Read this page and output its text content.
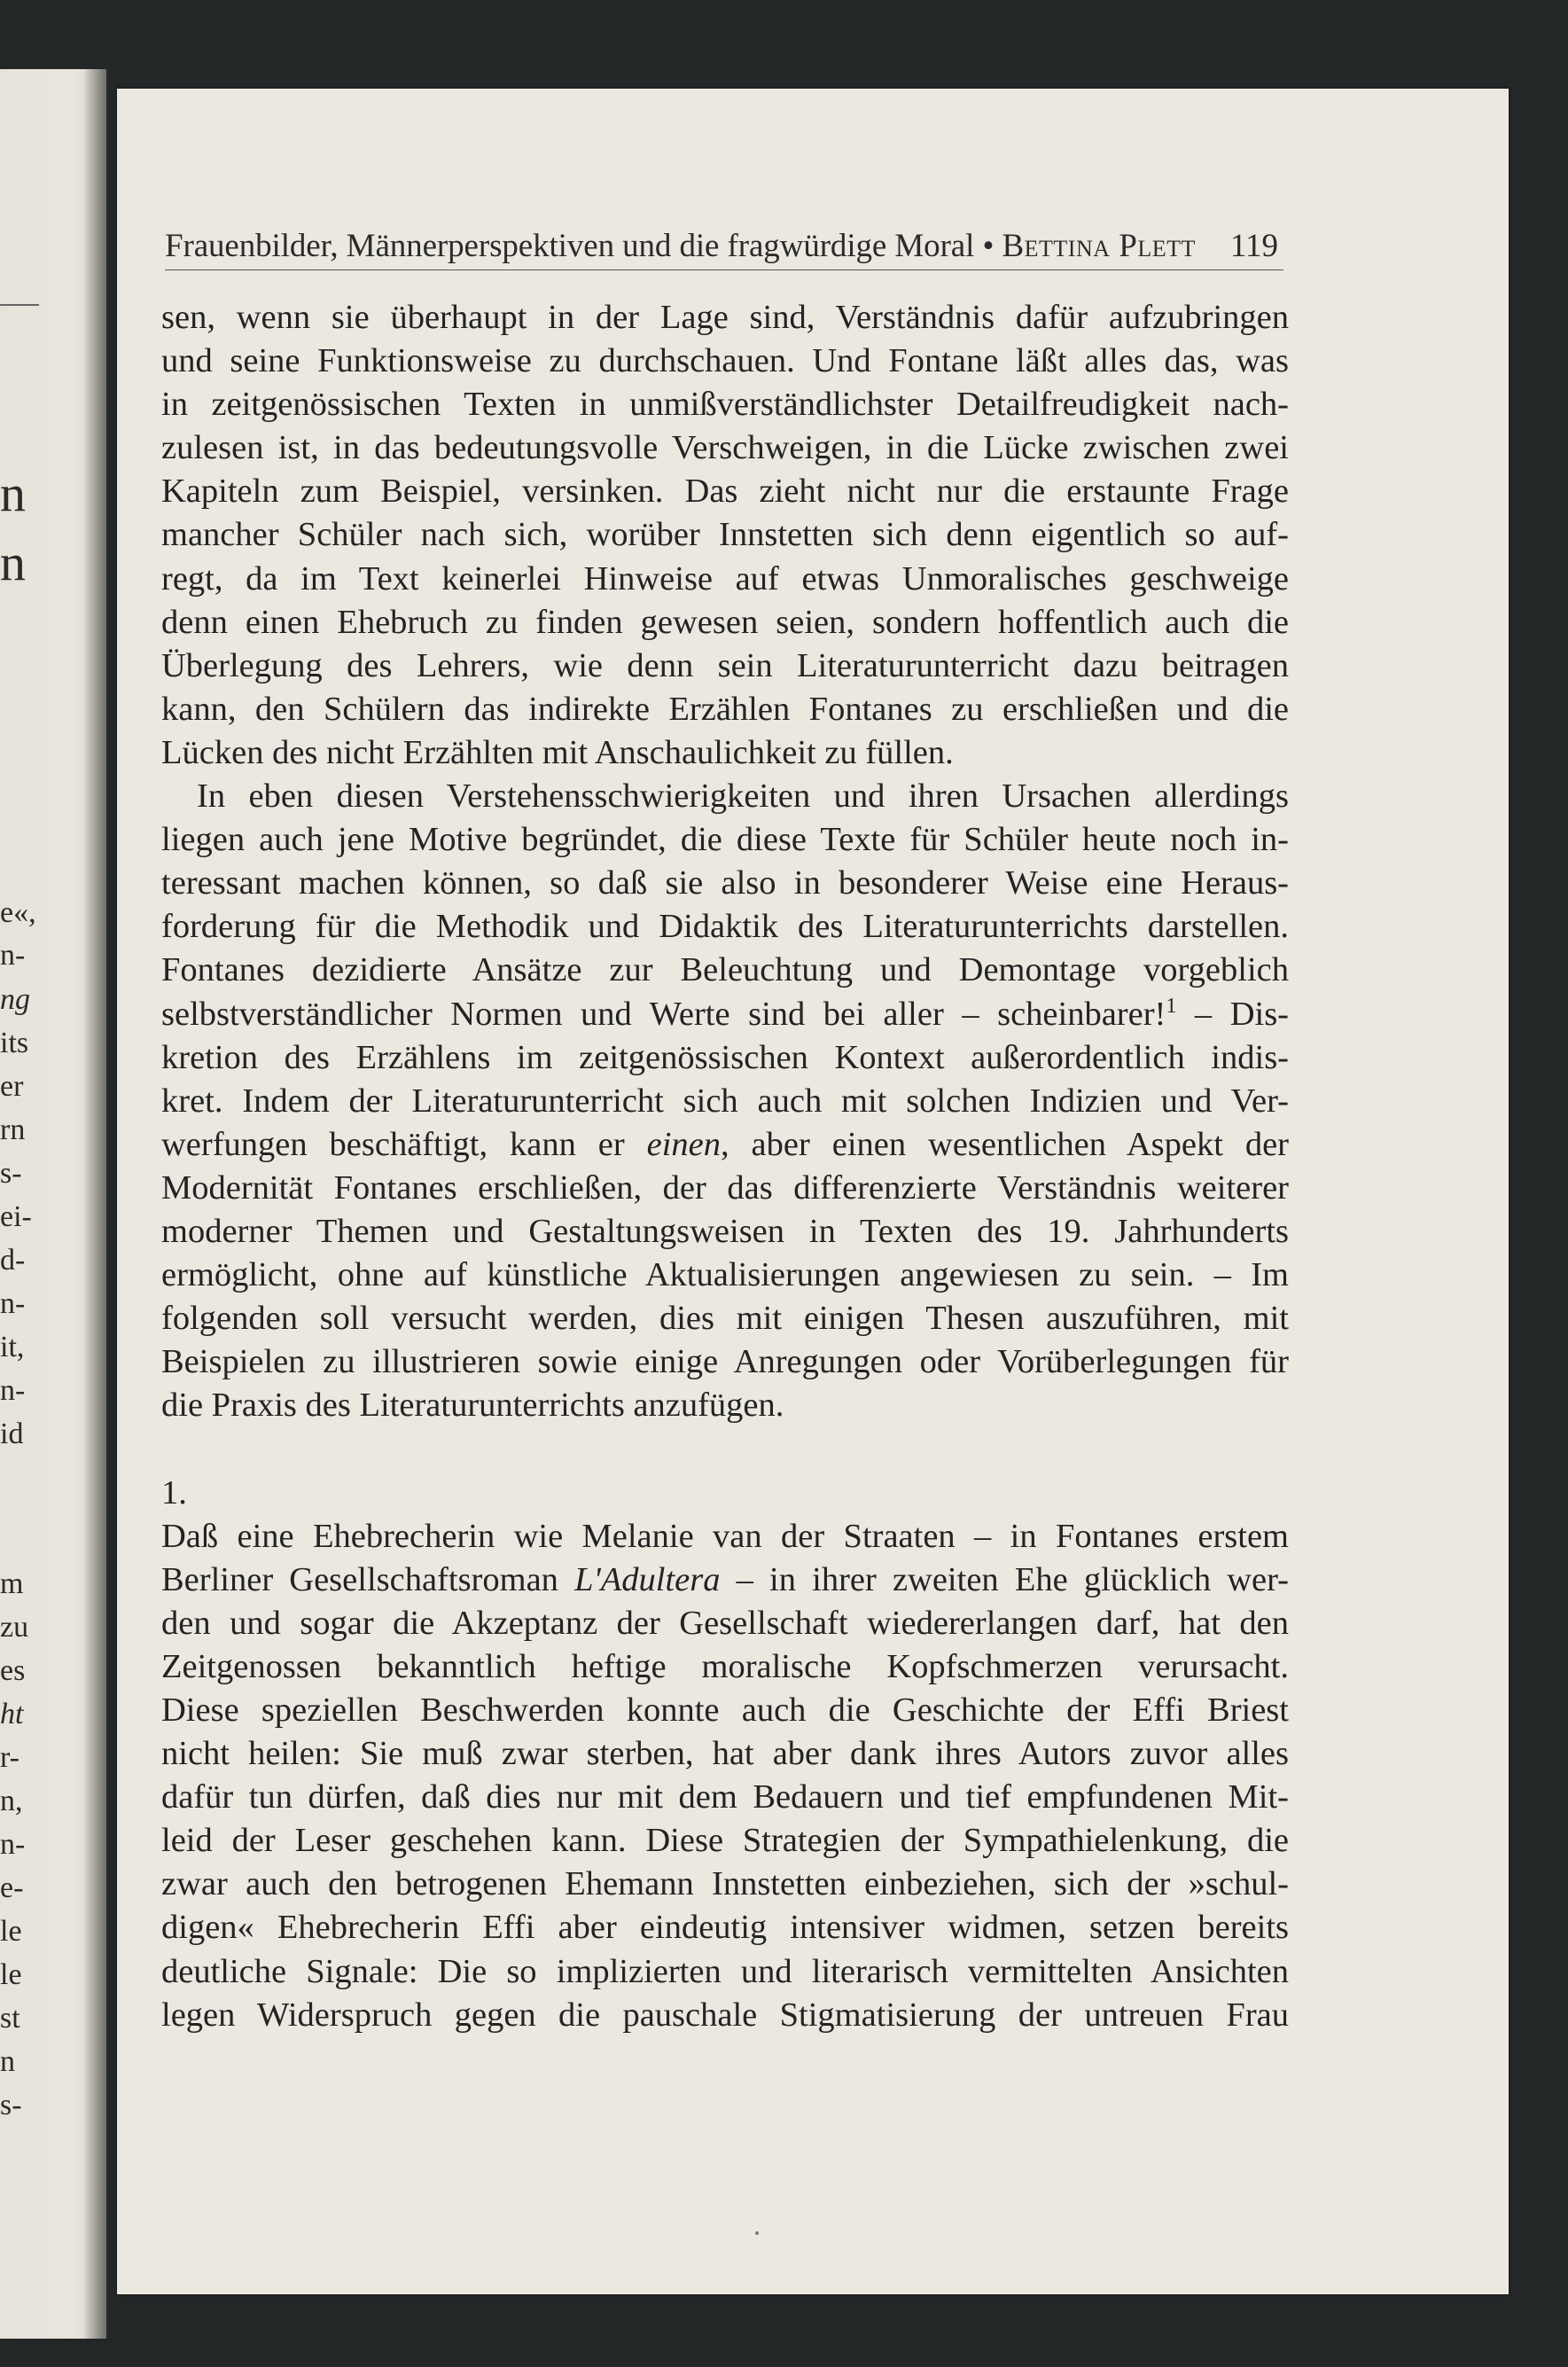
n
n
e«,
n-
ng
its
er
rn
s-
ei-
d-
n-
it,
n-
id
m
zu
es
ht
r-
n,
n-
e-
le
le
st
n
s-
Frauenbilder, Männerperspektiven und die fragwürdige Moral • Bettina Plett 119
sen, wenn sie überhaupt in der Lage sind, Verständnis dafür aufzubringen
und seine Funktionsweise zu durchschauen. Und Fontane läßt alles das, was
in zeitgenössischen Texten in unmißverständlichster Detailfreudigkeit nach-
zulesen ist, in das bedeutungsvolle Verschweigen, in die Lücke zwischen zwei
Kapiteln zum Beispiel, versinken. Das zieht nicht nur die erstaunte Frage
mancher Schüler nach sich, worüber Innstetten sich denn eigentlich so auf-
regt, da im Text keinerlei Hinweise auf etwas Unmoralisches geschweige
denn einen Ehebruch zu finden gewesen seien, sondern hoffentlich auch die
Überlegung des Lehrers, wie denn sein Literaturunterricht dazu beitragen
kann, den Schülern das indirekte Erzählen Fontanes zu erschließen und die
Lücken des nicht Erzählten mit Anschaulichkeit zu füllen.
In eben diesen Verstehensschwierigkeiten und ihren Ursachen allerdings
liegen auch jene Motive begründet, die diese Texte für Schüler heute noch in-
teressant machen können, so daß sie also in besonderer Weise eine Heraus-
forderung für die Methodik und Didaktik des Literaturunterrichts darstellen.
Fontanes dezidierte Ansätze zur Beleuchtung und Demontage vorgeblich
selbstverständlicher Normen und Werte sind bei aller – scheinbarer!$^1$ – Dis-
kretion des Erzählens im zeitgenössischen Kontext außerordentlich indis-
kret. Indem der Literaturunterricht sich auch mit solchen Indizien und Ver-
werfungen beschäftigt, kann er einen, aber einen wesentlichen Aspekt der
Modernität Fontanes erschließen, der das differenzierte Verständnis weiterer
moderner Themen und Gestaltungsweisen in Texten des 19. Jahrhunderts
ermöglicht, ohne auf künstliche Aktualisierungen angewiesen zu sein. – Im
folgenden soll versucht werden, dies mit einigen Thesen auszuführen, mit
Beispielen zu illustrieren sowie einige Anregungen oder Vorüberlegungen für
die Praxis des Literaturunterrichts anzufügen.
1.
Daß eine Ehebrecherin wie Melanie van der Straaten – in Fontanes erstem
Berliner Gesellschaftsroman L'Adultera – in ihrer zweiten Ehe glücklich wer-
den und sogar die Akzeptanz der Gesellschaft wiedererlangen darf, hat den
Zeitgenossen bekanntlich heftige moralische Kopfschmerzen verursacht.
Diese speziellen Beschwerden konnte auch die Geschichte der Effi Briest
nicht heilen: Sie muß zwar sterben, hat aber dank ihres Autors zuvor alles
dafür tun dürfen, daß dies nur mit dem Bedauern und tief empfundenen Mit-
leid der Leser geschehen kann. Diese Strategien der Sympathielenkung, die
zwar auch den betrogenen Ehemann Innstetten einbeziehen, sich der »schul-
digen« Ehebrecherin Effi aber eindeutig intensiver widmen, setzen bereits
deutliche Signale: Die so implizierten und literarisch vermittelten Ansichten
legen Widerspruch gegen die pauschale Stigmatisierung der untreuen Frau
